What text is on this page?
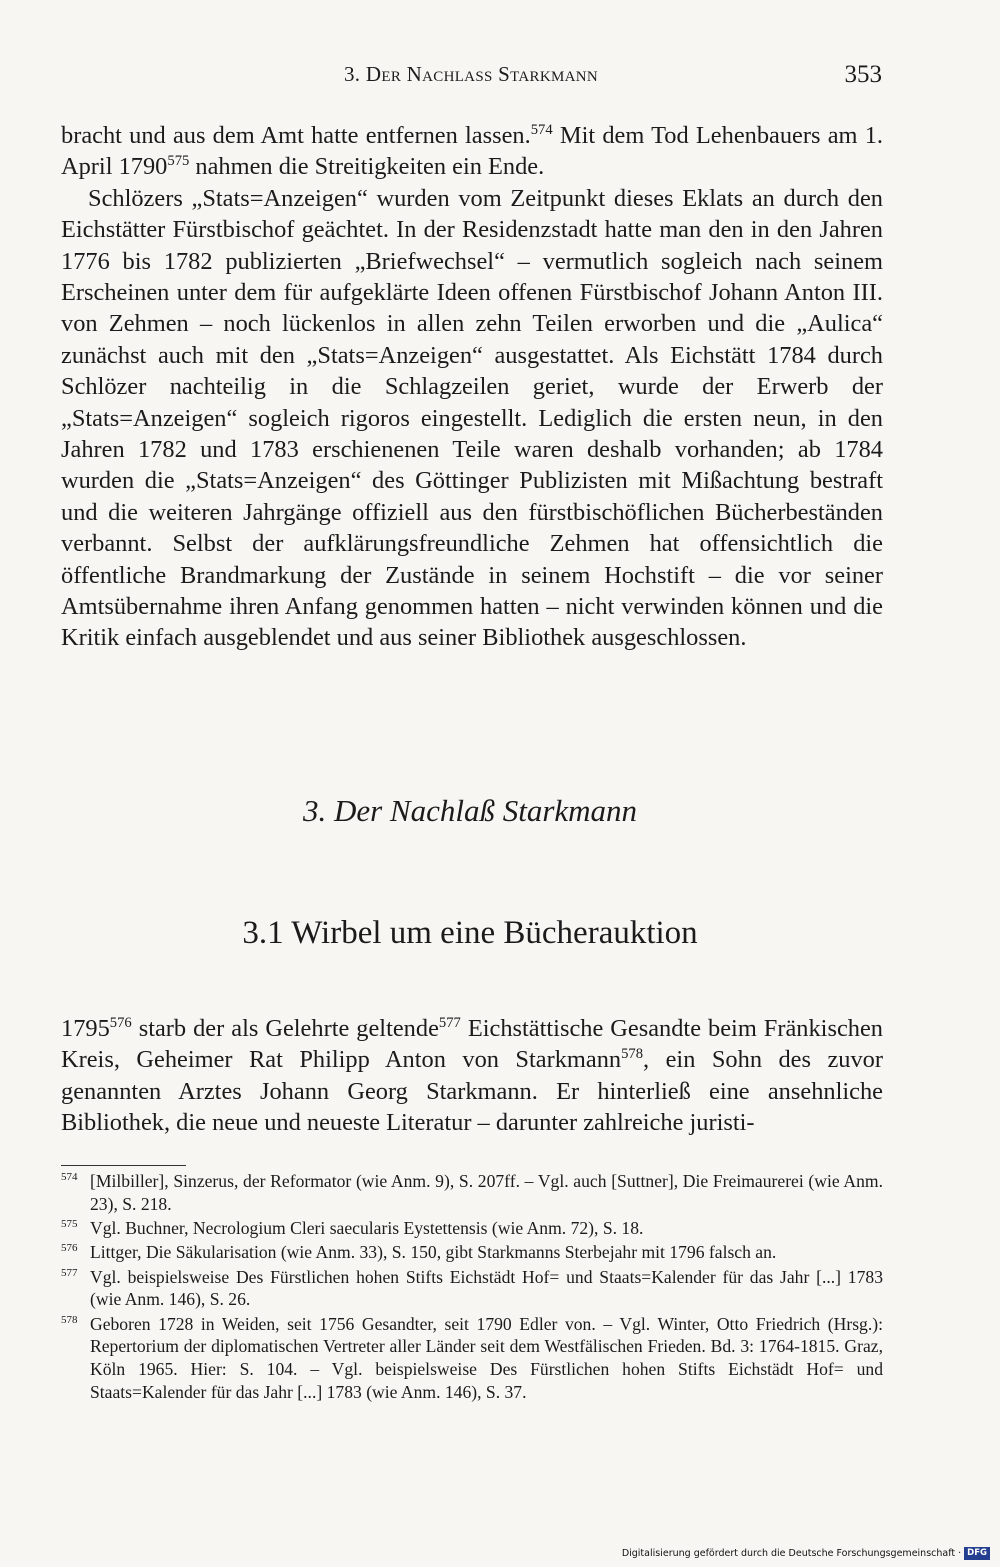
3. Der Nachlass Starkmann	353

bracht und aus dem Amt hatte entfernen lassen.$^{574}$ Mit dem Tod Lehenbauers am 1. April 1790$^{575}$ nahmen die Streitigkeiten ein Ende.

Schlözers „Stats=Anzeigen“ wurden vom Zeitpunkt dieses Eklats an durch den Eichstätter Fürstbischof geächtet. In der Residenzstadt hatte man den in den Jahren 1776 bis 1782 publizierten „Briefwechsel“ – vermutlich sogleich nach seinem Erscheinen unter dem für aufgeklärte Ideen offenen Fürstbischof Johann Anton III. von Zehmen – noch lückenlos in allen zehn Teilen erworben und die „Aulica“ zunächst auch mit den „Stats=Anzeigen“ ausgestattet. Als Eichstätt 1784 durch Schlözer nachteilig in die Schlagzeilen geriet, wurde der Erwerb der „Stats=Anzeigen“ sogleich rigoros eingestellt. Lediglich die ersten neun, in den Jahren 1782 und 1783 erschienenen Teile waren deshalb vorhanden; ab 1784 wurden die „Stats=Anzeigen“ des Göttinger Publizisten mit Mißachtung bestraft und die weiteren Jahrgänge offiziell aus den fürstbischöflichen Bücherbeständen verbannt. Selbst der aufklärungsfreundliche Zehmen hat offensichtlich die öffentliche Brandmarkung der Zustände in seinem Hochstift – die vor seiner Amtsübernahme ihren Anfang genommen hatten – nicht verwinden können und die Kritik einfach ausgeblendet und aus seiner Bibliothek ausgeschlossen.

3. Der Nachlaß Starkmann
3.1 Wirbel um eine Bücherauktion

1795$^{576}$ starb der als Gelehrte geltende$^{577}$ Eichstättische Gesandte beim Fränkischen Kreis, Geheimer Rat Philipp Anton von Starkmann$^{578}$, ein Sohn des zuvor genannten Arztes Johann Georg Starkmann. Er hinterließ eine ansehnliche Bibliothek, die neue und neueste Literatur – darunter zahlreiche juristi-

574 [Milbiller], Sinzerus, der Reformator (wie Anm. 9), S. 207ff. – Vgl. auch [Suttner], Die Freimaurerei (wie Anm. 23), S. 218.

575 Vgl. Buchner, Necrologium Cleri saecularis Eystettensis (wie Anm. 72), S. 18.

576 Littger, Die Säkularisation (wie Anm. 33), S. 150, gibt Starkmanns Sterbejahr mit 1796 falsch an.

577 Vgl. beispielsweise Des Fürstlichen hohen Stifts Eichstädt Hof= und Staats=Kalender für das Jahr [...] 1783 (wie Anm. 146), S. 26.

578 Geboren 1728 in Weiden, seit 1756 Gesandter, seit 1790 Edler von. – Vgl. Winter, Otto Friedrich (Hrsg.): Repertorium der diplomatischen Vertreter aller Länder seit dem Westfälischen Frieden. Bd. 3: 1764-1815. Graz, Köln 1965. Hier: S. 104. – Vgl. beispielsweise Des Fürstlichen hohen Stifts Eichstädt Hof= und Staats=Kalender für das Jahr [...] 1783 (wie Anm. 146), S. 37.

Digitalisierung gefördert durch die Deutsche Forschungsgemeinschaft · DFG
